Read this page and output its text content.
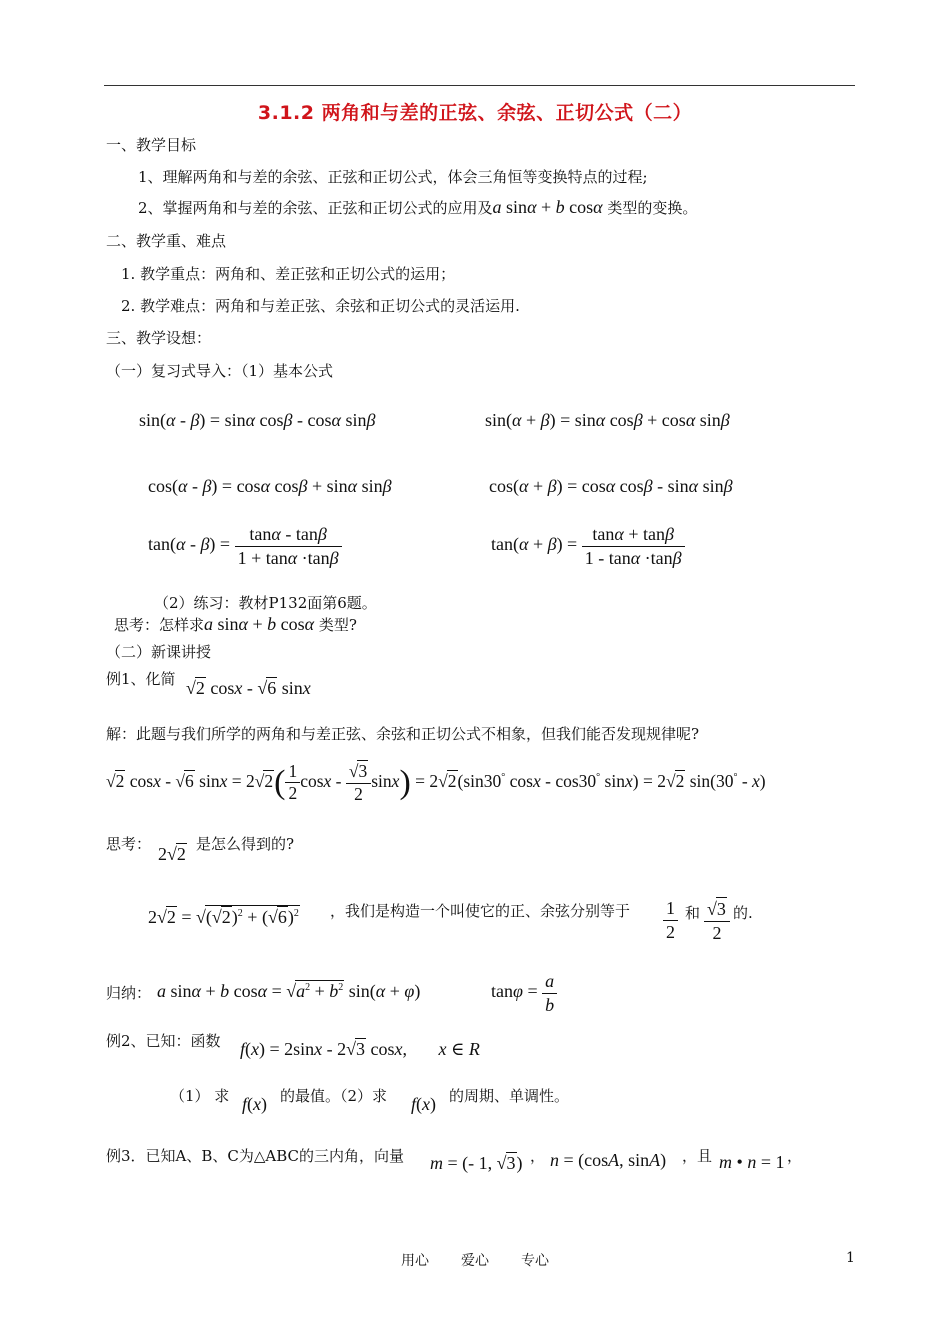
3.1.2 两角和与差的正弦、余弦、正切公式（二）
一、教学目标
1、理解两角和与差的余弦、正弦和正切公式，体会三角恒等变换特点的过程;
2、掌握两角和与差的余弦、正弦和正切公式的应用及a sinα + b cosα 类型的变换。
二、教学重、难点
1. 教学重点：两角和、差正弦和正切公式的运用；
2. 教学难点：两角和与差正弦、余弦和正切公式的灵活运用.
三、教学设想：
（一）复习式导入：（1）基本公式
sin(α - β) = sinα cosβ - cosα sinβ	sin(α + β) = sinα cosβ + cosα sinβ
cos(α - β) = cosα cosβ + sinα sinβ	cos(α + β) = cosα cosβ - sinα sinβ
$\tan(\alpha - \beta) = \frac{\tan\alpha - \tan\beta}{1 + \tan\alpha \cdot\tan\beta}$	$\tan(\alpha + \beta) = \frac{\tan\alpha + \tan\beta}{1 - \tan\alpha \cdot\tan\beta}$
（2）练习：教材P132面第6题。
思考：怎样求a sinα + b cosα 类型?
（二）新课讲授
例1、化简 √2 cosx - √6 sinx
解：此题与我们所学的两角和与差正弦、余弦和正切公式不相象，但我们能否发现规律呢?
√2 cosx - √6 $\sin x = 2√2( \frac{1}{2}$ $\cos x - \frac{√3}{2} \sin x) = 2√2(\sin 30^\circ$ cosx - cos30° sinx) = 2√2 sin(30° - x)
思考： 2√2 是怎么得到的?
$2√2 = √(√2)^2 + (√6)^2$ ，我们是构造一个叫使它的正、余弦分别等于 $\frac{1}{2}$ 和 $\frac{√3}{2}$ 的.
归纳： a sinα + b $\cos\alpha = √a^2 + b^2$ sin(α + φ)	$\tan\varphi = \frac{a}{b}$
例2、已知：函数 f(x) = 2sinx - 2√3 cosx,       x ∈ R
（1） 求 f(x) 的最值。（2）求 f(x) 的周期、单调性。
例3．已知A、B、C为△ABC的三内角，向量 m = (- 1, √3) ， n = (cosA, sinA) ，且 m • n = 1 ，
用心 爱心 专心	1
